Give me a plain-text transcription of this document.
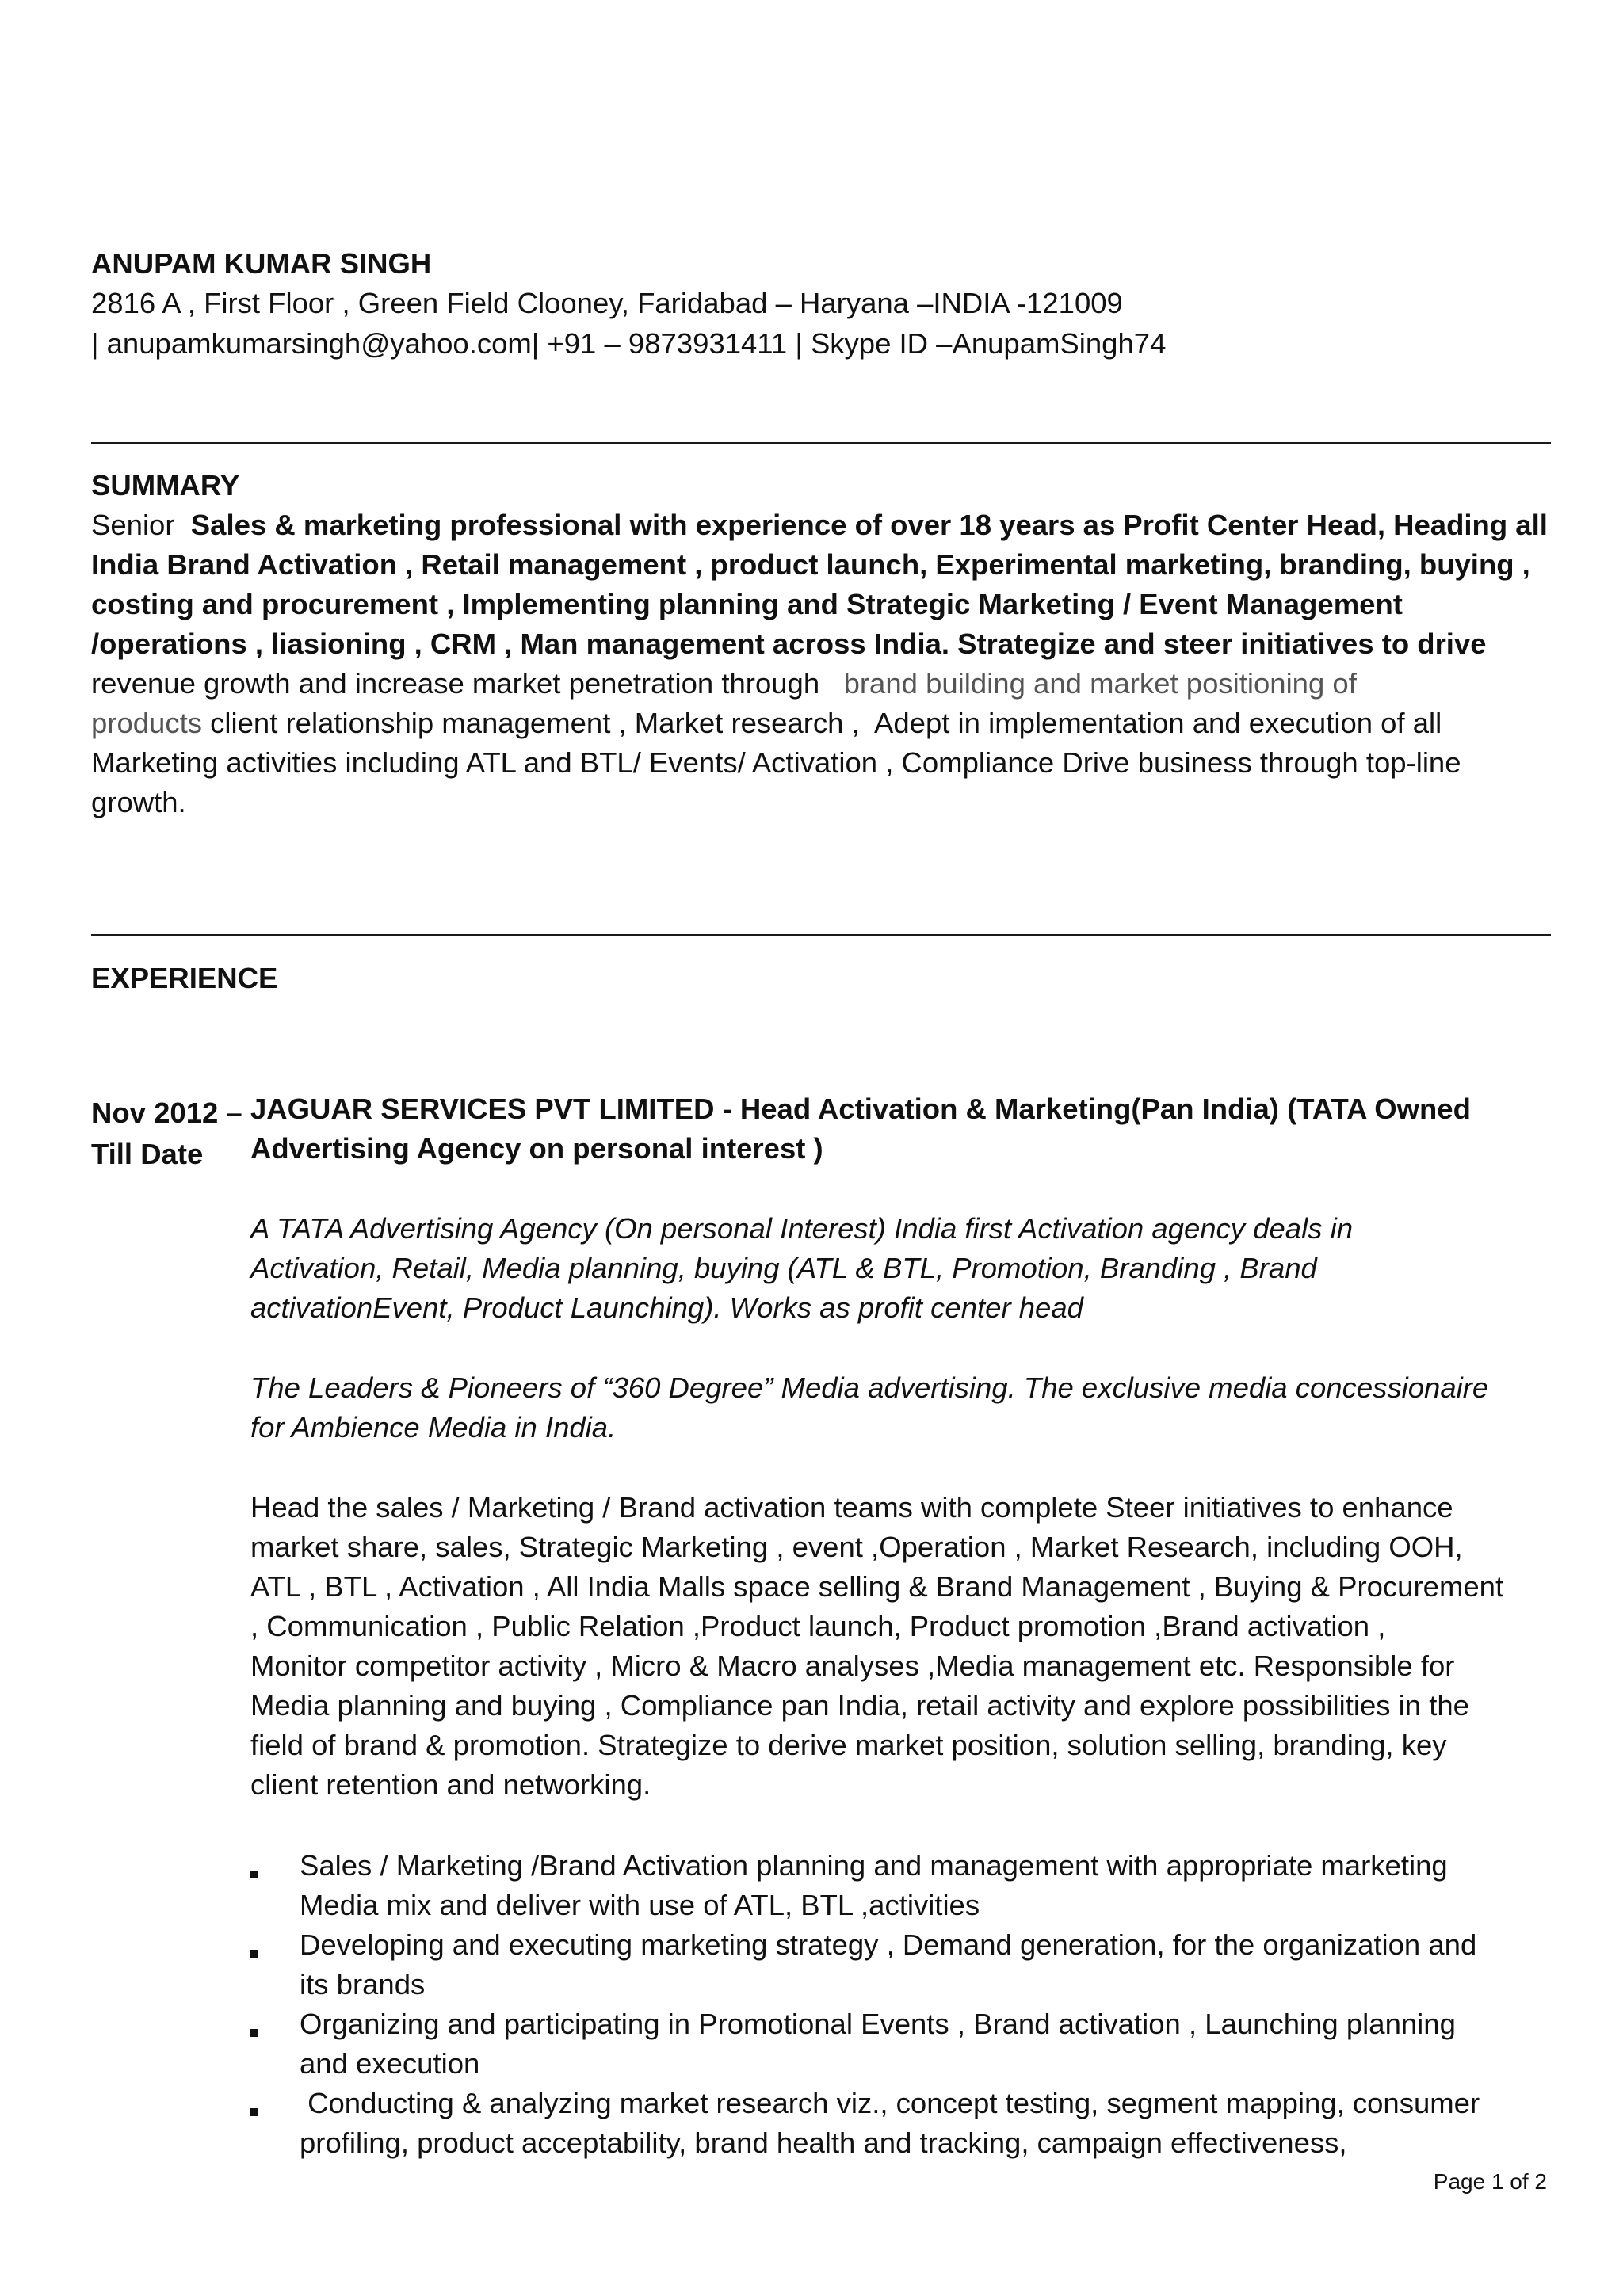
ANUPAM KUMAR SINGH
2816 A , First Floor , Green Field Clooney, Faridabad – Haryana –INDIA -121009
| anupamkumarsingh@yahoo.com| +91 – 9873931411 | Skype ID –AnupamSingh74
SUMMARY
Senior  Sales & marketing professional with experience of over 18 years as Profit Center Head, Heading all
India Brand Activation , Retail management , product launch, Experimental marketing, branding, buying ,
costing and procurement , Implementing planning and Strategic Marketing / Event Management
/operations , liasioning , CRM , Man management across India. Strategize and steer initiatives to drive
revenue growth and increase market penetration through   brand building and market positioning of
products client relationship management , Market research ,  Adept in implementation and execution of all
Marketing activities including ATL and BTL/ Events/ Activation , Compliance Drive business through top-line
growth.
EXPERIENCE
Nov 2012 –
Till Date
JAGUAR SERVICES PVT LIMITED - Head Activation & Marketing(Pan India) (TATA Owned
Advertising Agency on personal interest )
A TATA Advertising Agency (On personal Interest) India first Activation agency deals in
Activation, Retail, Media planning, buying (ATL & BTL, Promotion, Branding , Brand
activationEvent, Product Launching). Works as profit center head
The Leaders & Pioneers of “360 Degree” Media advertising. The exclusive media concessionaire
for Ambience Media in India.
Head the sales / Marketing / Brand activation teams with complete Steer initiatives to enhance
market share, sales, Strategic Marketing , event ,Operation , Market Research, including OOH,
ATL , BTL , Activation , All India Malls space selling & Brand Management , Buying & Procurement
, Communication , Public Relation ,Product launch, Product promotion ,Brand activation ,
Monitor competitor activity , Micro & Macro analyses ,Media management etc. Responsible for
Media planning and buying , Compliance pan India, retail activity and explore possibilities in the
field of brand & promotion. Strategize to derive market position, solution selling, branding, key
client retention and networking.
Sales / Marketing /Brand Activation planning and management with appropriate marketing
Media mix and deliver with use of ATL, BTL ,activities
Developing and executing marketing strategy , Demand generation, for the organization and
its brands
Organizing and participating in Promotional Events , Brand activation , Launching planning
and execution
Conducting & analyzing market research viz., concept testing, segment mapping, consumer
profiling, product acceptability, brand health and tracking, campaign effectiveness,
Page 1 of 2
